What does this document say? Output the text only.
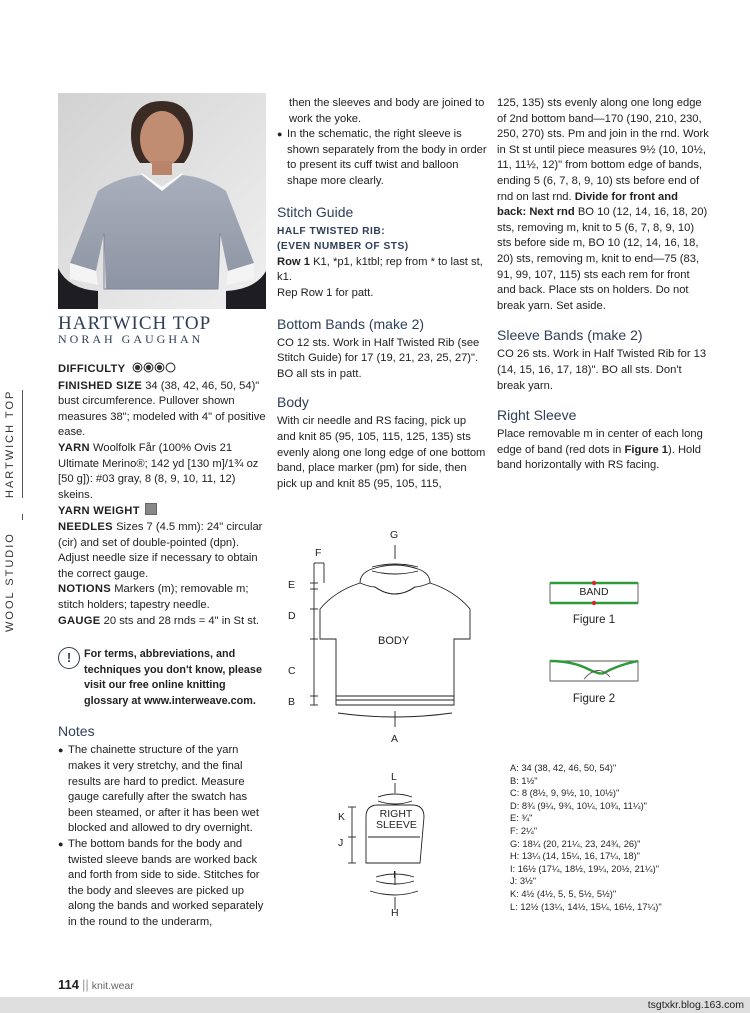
HARTWICH TOP
WOOL STUDIO
HARTWICH TOP
NORAH GAUGHAN

DIFFICULTY

FINISHED SIZE 34 (38, 42, 46, 50, 54)" bust circumference. Pullover shown measures 38"; modeled with 4" of positive ease.

YARN Woolfolk Får (100% Ovis 21 Ultimate Merino®; 142 yd [130 m]/1¾ oz [50 g]): #03 gray, 8 (8, 9, 10, 11, 12) skeins.

YARN WEIGHT

NEEDLES Sizes 7 (4.5 mm): 24" circular (cir) and set of double-pointed (dpn). Adjust needle size if necessary to obtain the correct gauge.

NOTIONS Markers (m); removable m; stitch holders; tapestry needle.

GAUGE 20 sts and 28 rnds = 4" in St st.

!	For terms, abbreviations, and techniques you don't know, please visit our free online knitting glossary at www.interweave.com.
Notes
● The chainette structure of the yarn makes it very stretchy, and the final results are hard to predict. Measure gauge carefully after the swatch has been steamed, or after it has been wet blocked and allowed to dry overnight.
● The bottom bands for the body and twisted sleeve bands are worked back and forth from side to side. Stitches for the body and sleeves are picked up along the bands and worked separately in the round to the underarm,

then the sleeves and body are joined to work the yoke.

● In the schematic, the right sleeve is shown separately from the body in order to present its cuff twist and balloon shape more clearly.
Stitch Guide
HALF TWISTED RIB:
(EVEN NUMBER OF STS)

Row 1 K1, *p1, k1tbl; rep from * to last st, k1.

Rep Row 1 for patt.

Bottom Bands (make 2)

CO 12 sts. Work in Half Twisted Rib (see Stitch Guide) for 17 (19, 21, 23, 25, 27)". BO all sts in patt.

Body

With cir needle and RS facing, pick up and knit 85 (95, 105, 115, 125, 135) sts evenly along one long edge of one bottom band, place marker (pm) for side, then pick up and knit 85 (95, 105, 115,

125, 135) sts evenly along one long edge of 2nd bottom band—170 (190, 210, 230, 250, 270) sts. Pm and join in the rnd. Work in St st until piece measures 9½ (10, 10½, 11, 11½, 12)" from bottom edge of bands, ending 5 (6, 7, 8, 9, 10) sts before end of rnd on last rnd. Divide for front and back: Next rnd BO 10 (12, 14, 16, 18, 20) sts, removing m, knit to 5 (6, 7, 8, 9, 10) sts before side m, BO 10 (12, 14, 16, 18, 20) sts, removing m, knit to end—75 (83, 91, 99, 107, 115) sts each rem for front and back. Place sts on holders. Do not break yarn. Set aside.

Sleeve Bands (make 2)

CO 26 sts. Work in Half Twisted Rib for 13 (14, 15, 16, 17, 18)". BO all sts. Don't break yarn.

Right Sleeve

Place removable m in center of each long edge of band (red dots in Figure 1). Hold band horizontally with RS facing.

BODY
RIGHT
SLEEVE
G
F
E
D
C
B
A
L
K
J
I
H
BAND
Figure 1
Figure 2
A: 34 (38, 42, 46, 50, 54)"
B: 1½"
C: 8 (8½, 9, 9½, 10, 10½)"
D: 8¾ (9¼, 9¾, 10¼, 10¾, 11¼)"
E: ¾"
F: 2¼"
G: 18¼ (20, 21¼, 23, 24¾, 26)"
H: 13¼ (14, 15¼, 16, 17¼, 18)"
I: 16½ (17¼, 18½, 19¼, 20½, 21¼)"
J: 3½"
K: 4½ (4½, 5, 5, 5½, 5½)"
L: 12½ (13¼, 14½, 15¼, 16½, 17¼)"
114 || knit.wear
tsgtxkr.blog.163.com
